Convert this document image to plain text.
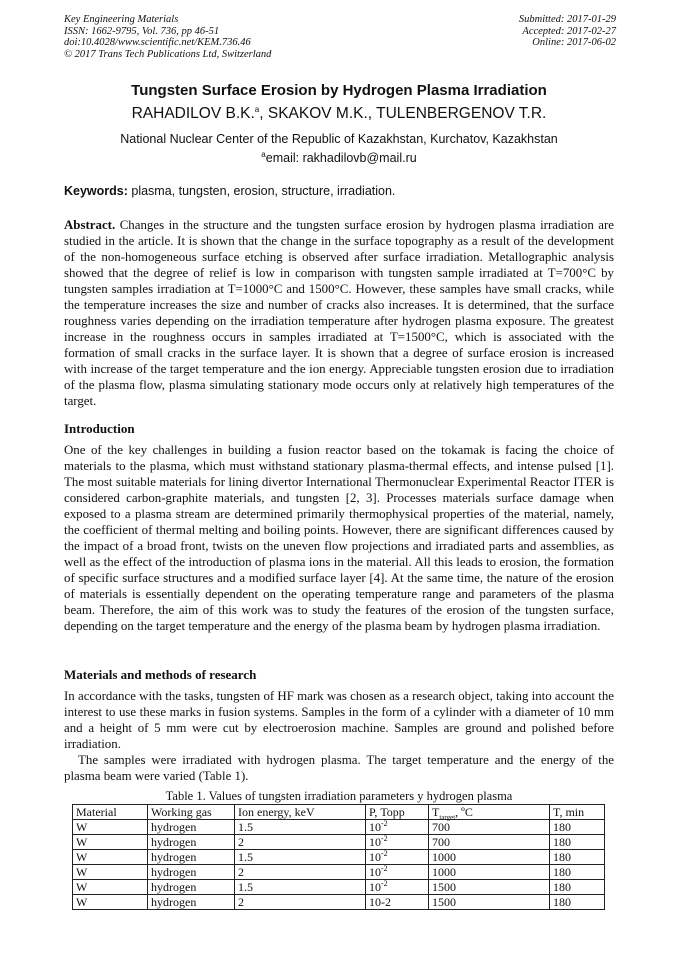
Key Engineering Materials
ISSN: 1662-9795, Vol. 736, pp 46-51
doi:10.4028/www.scientific.net/KEM.736.46
© 2017 Trans Tech Publications Ltd, Switzerland
Submitted: 2017-01-29
Accepted: 2017-02-27
Online: 2017-06-02
Tungsten Surface Erosion by Hydrogen Plasma Irradiation
RAHADILOV B.K.$^a$, SKAKOV M.K., TULENBERGENOV T.R.
National Nuclear Center of the Republic of Kazakhstan, Kurchatov, Kazakhstan
$^a$email: rakhadilovb@mail.ru
Keywords: plasma, tungsten, erosion, structure, irradiation.

Abstract. Changes in the structure and the tungsten surface erosion by hydrogen plasma irradiation are studied in the article. It is shown that the change in the surface topography as a result of the development of the non-homogeneous surface etching is observed after surface irradiation. Metallographic analysis showed that the degree of relief is low in comparison with tungsten sample irradiated at T=700°C by tungsten samples irradiation at T=1000°C and 1500°C. However, these samples have small cracks, while the temperature increases the size and number of cracks also increases. It is determined, that the surface roughness varies depending on the irradiation temperature after hydrogen plasma exposure. The greatest increase in the roughness occurs in samples irradiated at T=1500°C, which is associated with the formation of small cracks in the surface layer. It is shown that a degree of surface erosion is increased with increase of the target temperature and the ion energy. Appreciable tungsten erosion due to irradiation of the plasma flow, plasma simulating stationary mode occurs only at relatively high temperatures of the target.

Introduction

One of the key challenges in building a fusion reactor based on the tokamak is facing the choice of materials to the plasma, which must withstand stationary plasma-thermal effects, and intense pulsed [1]. The most suitable materials for lining divertor International Thermonuclear Experimental Reactor ITER is considered carbon-graphite materials, and tungsten [2, 3]. Processes materials surface damage when exposed to a plasma stream are determined primarily thermophysical properties of the material, namely, the coefficient of thermal melting and boiling points. However, there are significant differences caused by the impact of a broad front, twists on the uneven flow projections and irradiated parts and assemblies, as well as the effect of the introduction of plasma ions in the material. All this leads to erosion, the formation of specific surface structures and a modified surface layer [4]. At the same time, the nature of the erosion of materials is essentially dependent on the operating temperature range and parameters of the plasma beam. Therefore, the aim of this work was to study the features of the erosion of the tungsten surface, depending on the target temperature and the energy of the plasma beam by hydrogen plasma irradiation.

Materials and methods of research

In accordance with the tasks, tungsten of HF mark was chosen as a research object, taking into account the interest to use these marks in fusion systems. Samples in the form of a cylinder with a diameter of 10 mm and a height of 5 mm were cut by electroerosion machine. Samples are ground and polished before irradiation.

The samples were irradiated with hydrogen plasma. The target temperature and the energy of the plasma beam were varied (Table 1).

Table 1. Values of tungsten irradiation parameters у hydrogen plasma
Material	Working gas	Ion energy, keV	P, Торр	$T_{target}$, ºC	T, min
W	hydrogen	1.5	$10^{-2}$	700	180
W	hydrogen	2	$10^{-2}$	700	180
W	hydrogen	1.5	$10^{-2}$	1000	180
W	hydrogen	2	$10^{-2}$	1000	180
W	hydrogen	1.5	$10^{-2}$	1500	180
W	hydrogen	2	10-2	1500	180
